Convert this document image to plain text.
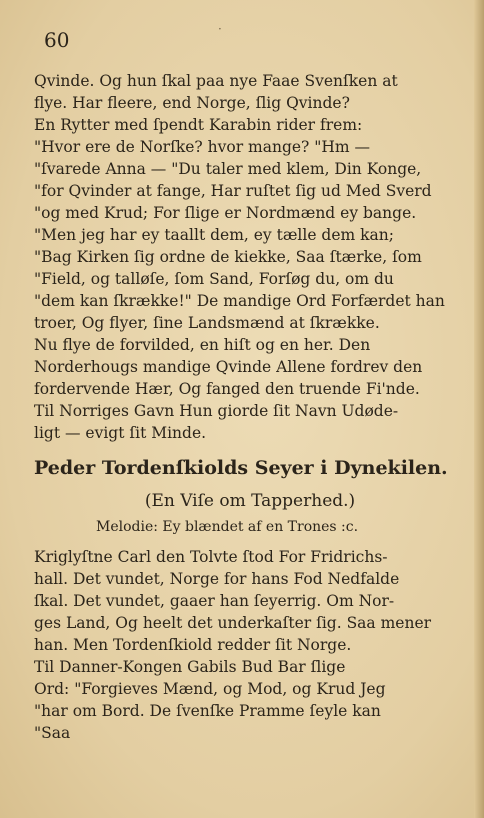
60	·
Qvinde. Og hun ſkal paa nye Faae Svenſken at
flye. Har fleere, end Norge, ſlig Qvinde?
En Rytter med ſpendt Karabin rider frem:
"Hvor ere de Norſke? hvor mange? "Hm —
"ſvarede Anna — "Du taler med klem, Din Konge,
"for Qvinder at fange, Har ruſtet ſig ud Med Sverd
"og med Krud; For ſlige er Nordmænd ey bange.
"Men jeg har ey taallt dem, ey tælle dem kan;
"Bag Kirken ſig ordne de kiekke, Saa ſtærke, ſom
"Field, og talløſe, ſom Sand, Forſøg du, om du
"dem kan ſkrække!" De mandige Ord Forfærdet han
troer, Og flyer, ſine Landsmænd at ſkrække.
Nu flye de forvilded, en hiſt og en her. Den
Norderhougs mandige Qvinde Allene fordrev den
fordervende Hær, Og fanged den truende Fi'nde.
Til Norriges Gavn Hun giorde ſit Navn Udøde-
ligt — evigt ſit Minde.
Peder Tordenſkiolds Seyer i Dynekilen.
(En Viſe om Tapperhed.)
Melodie: Ey blændet af en Trones :c.
Kriglyſtne Carl den Tolvte ſtod For Fridrichs-
hall. Det vundet, Norge for hans Fod Nedfalde
ſkal. Det vundet, gaaer han ſeyerrig. Om Nor-
ges Land, Og heelt det underkaſter ſig. Saa mener
han. Men Tordenſkiold redder ſit Norge.
Til Danner-Kongen Gabils Bud Bar ſlige
Ord: "Forgieves Mænd, og Mod, og Krud Jeg
"har om Bord. De ſvenſke Pramme ſeyle kan
"Saa
